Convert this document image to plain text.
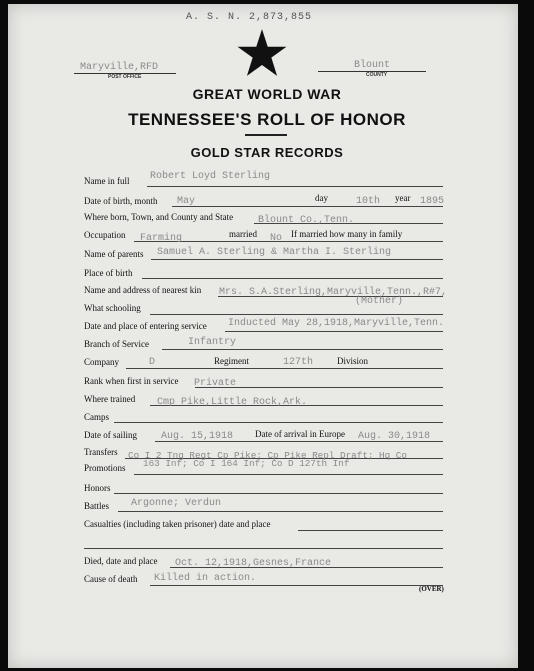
A. S. N. 2,873,855
Maryville,RFD
POST OFFICE
Blount
COUNTY
GREAT WORLD WAR
TENNESSEE'S ROLL OF HONOR
GOLD STAR RECORDS
Name in full Robert Loyd Sterling
Date of birth, month May	day	10th year 1895
Where born, Town, and County and State Blount Co.,Tenn.
Occupation Farming	married No If married how many in family
Name of parents Samuel A. Sterling & Martha I. Sterling
Place of birth
Name and address of nearest kin Mrs. S.A.Sterling,Maryville,Tenn.,R#7,
(Mother)
What schooling
Date and place of entering service Inducted May 28,1918,Maryville,Tenn.
Branch of Service	Infantry
Company	D	Regiment	127th	Division
Rank when first in service Private
Where trained Cmp Pike,Little Rock,Ark.
Camps
Date of sailing Aug. 15,1918 Date of arrival in Europe Aug. 30,1918
Transfers Co I 2 Tng Regt Cp Pike; Cp Pike Repl Draft; Hq Co
163 Inf; Co I 164 Inf; Co D 127th Inf
Promotions
Honors
Battles Argonne; Verdun
Casualties (including taken prisoner) date and place
Died, date and place Oct. 12,1918,Gesnes,France
Cause of death Killed in action.
(OVER)
